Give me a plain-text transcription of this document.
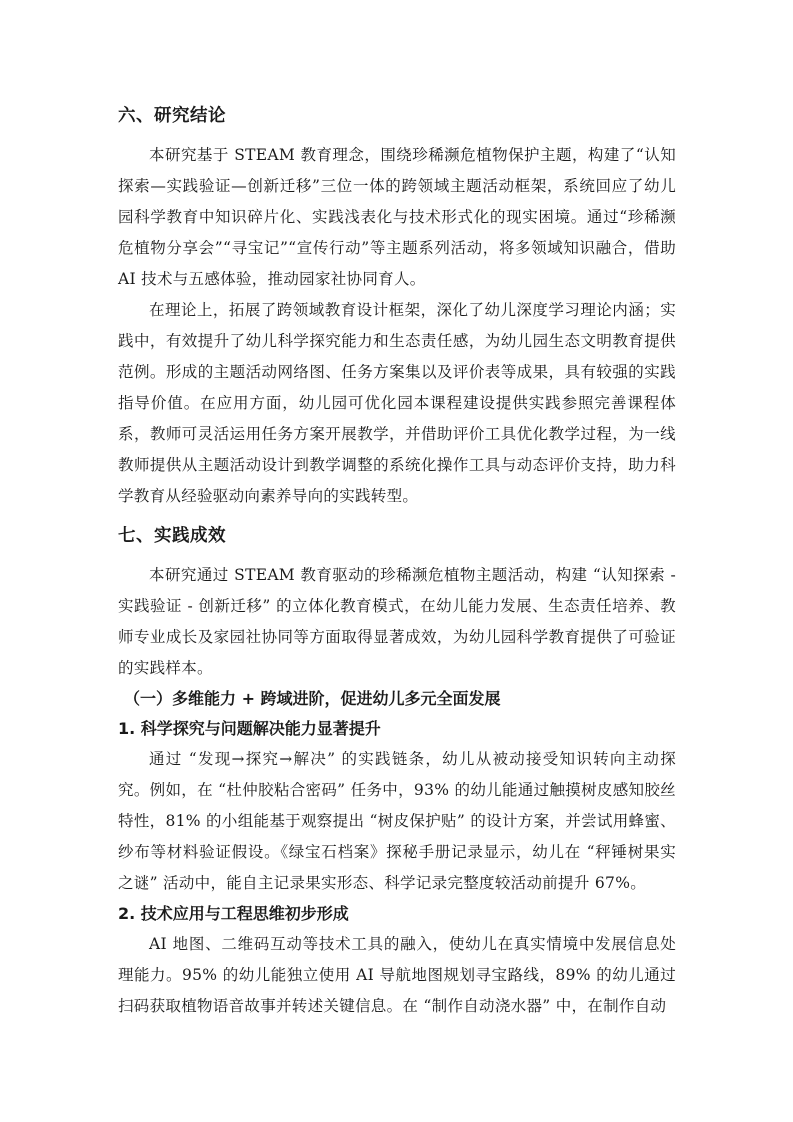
六、研究结论

本研究基于 STEAM 教育理念，围绕珍稀濒危植物保护主题，构建了“认知探索—实践验证—创新迁移”三位一体的跨领域主题活动框架，系统回应了幼儿园科学教育中知识碎片化、实践浅表化与技术形式化的现实困境。通过“珍稀濒危植物分享会”“寻宝记”“宣传行动”等主题系列活动，将多领域知识融合，借助 AI 技术与五感体验，推动园家社协同育人。

在理论上，拓展了跨领域教育设计框架，深化了幼儿深度学习理论内涵；实践中，有效提升了幼儿科学探究能力和生态责任感，为幼儿园生态文明教育提供范例。形成的主题活动网络图、任务方案集以及评价表等成果，具有较强的实践指导价值。在应用方面，幼儿园可优化园本课程建设提供实践参照完善课程体系，教师可灵活运用任务方案开展教学，并借助评价工具优化教学过程，为一线教师提供从主题活动设计到教学调整的系统化操作工具与动态评价支持，助力科学教育从经验驱动向素养导向的实践转型。

七、实践成效

本研究通过 STEAM 教育驱动的珍稀濒危植物主题活动，构建 “认知探索 - 实践验证 - 创新迁移” 的立体化教育模式，在幼儿能力发展、生态责任培养、教师专业成长及家园社协同等方面取得显著成效，为幼儿园科学教育提供了可验证的实践样本。

（一）多维能力 + 跨域进阶，促进幼儿多元全面发展
1. 科学探究与问题解决能力显著提升

通过 “发现→探究→解决” 的实践链条，幼儿从被动接受知识转向主动探究。例如，在 “杜仲胶粘合密码” 任务中，93% 的幼儿能通过触摸树皮感知胶丝特性，81% 的小组能基于观察提出 “树皮保护贴” 的设计方案，并尝试用蜂蜜、纱布等材料验证假设。《绿宝石档案》探秘手册记录显示，幼儿在 “秤锤树果实之谜” 活动中，能自主记录果实形态、科学记录完整度较活动前提升 67%。

2. 技术应用与工程思维初步形成

AI 地图、二维码互动等技术工具的融入，使幼儿在真实情境中发展信息处理能力。95% 的幼儿能独立使用 AI 导航地图规划寻宝路线，89% 的幼儿通过扫码获取植物语音故事并转述关键信息。在 “制作自动浇水器” 中，在制作自动
